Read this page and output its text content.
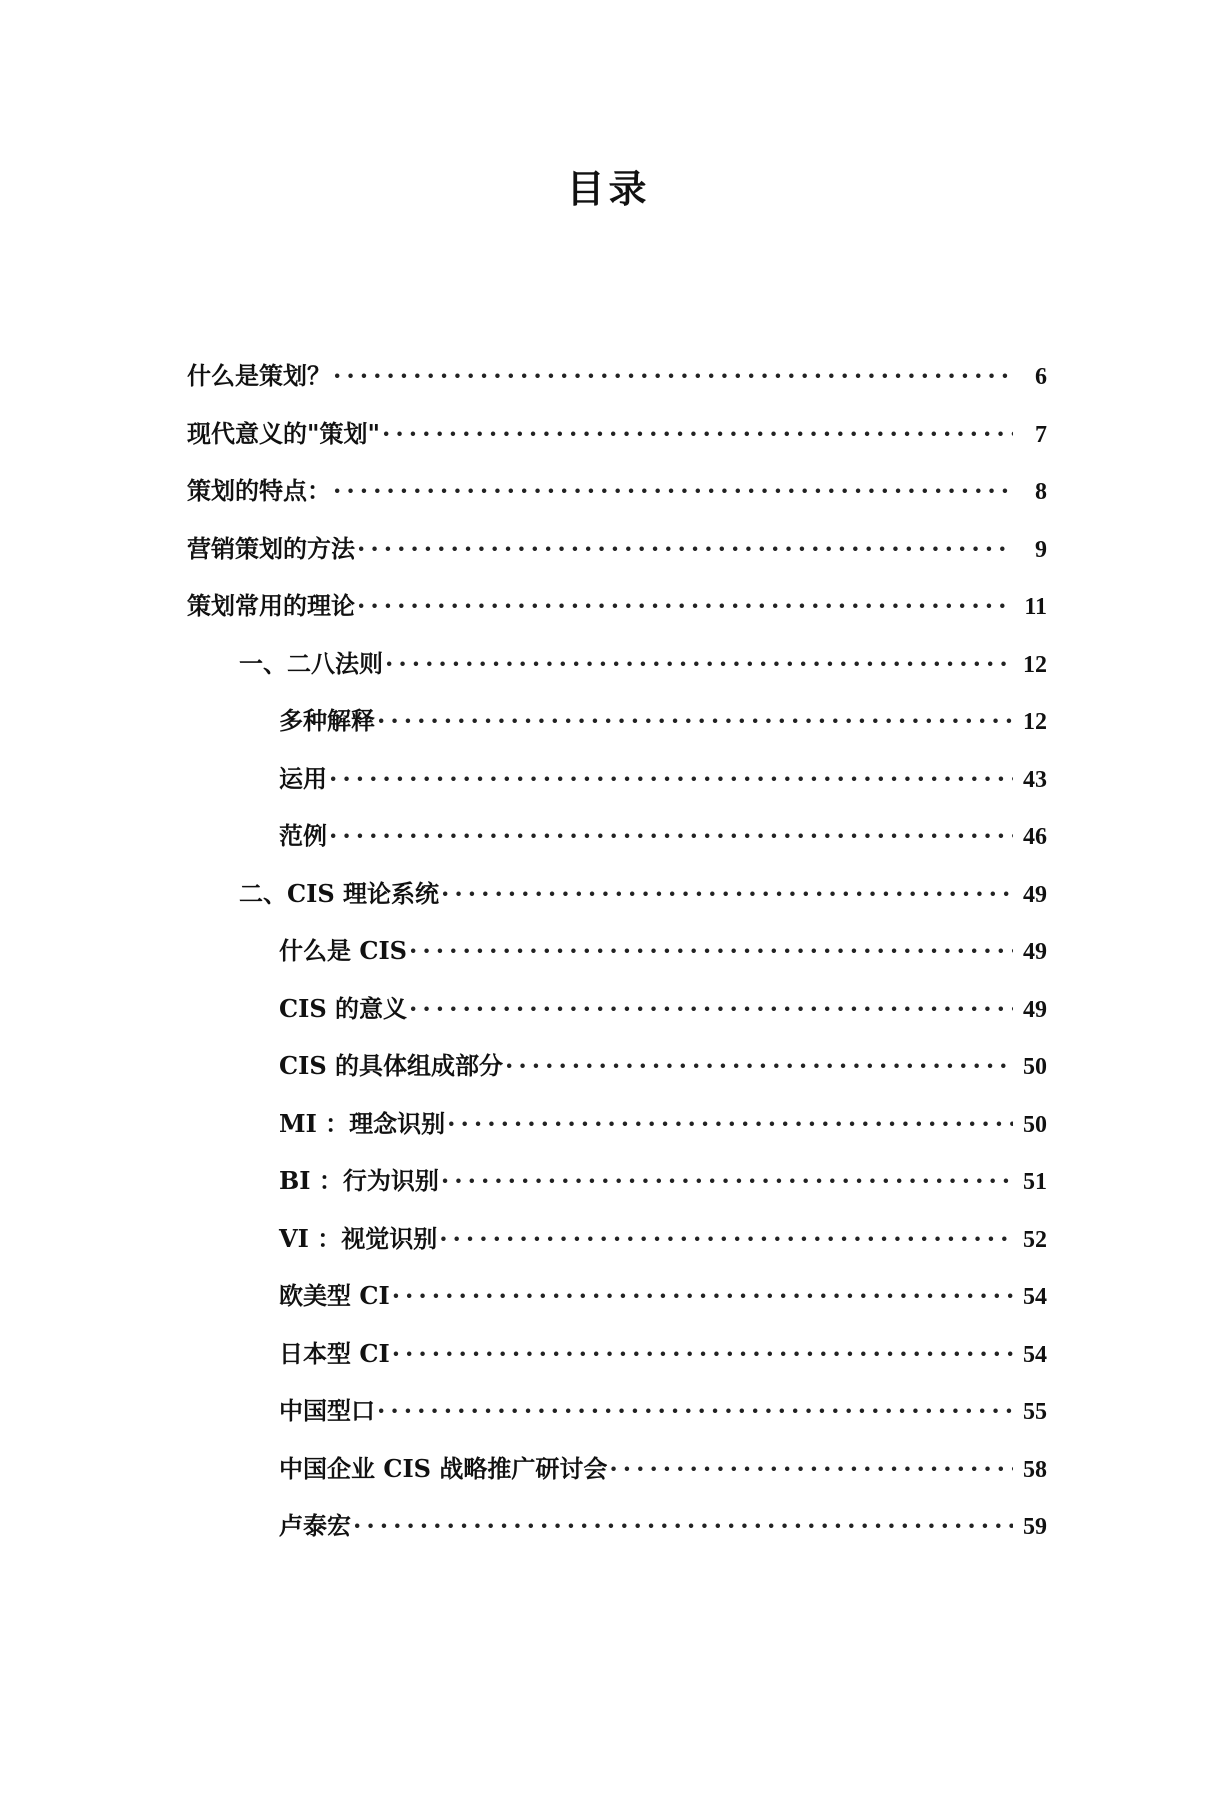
目录
什么是策划？ ·····	6
现代意义的"策划" ·····	7
策划的特点： ·····	8
营销策划的方法 ·····	9
策划常用的理论 ·····	11
一、二八法则 ·····	12
多种解释 ·····	12
运用 ·····	43
范例 ·····	46
二、CIS 理论系统 ·····	49
什么是 CIS ·····	49
CIS 的意义 ·····	49
CIS 的具体组成部分 ·····	50
MI ：理念识别 ·····	50
BI ：行为识别 ·····	51
VI ：视觉识别 ·····	52
欧美型 CI ·····	54
日本型 CI ·····	54
中国型口 ·····	55
中国企业 CIS 战略推广研讨会 ·····	58
卢泰宏 ·····	59
